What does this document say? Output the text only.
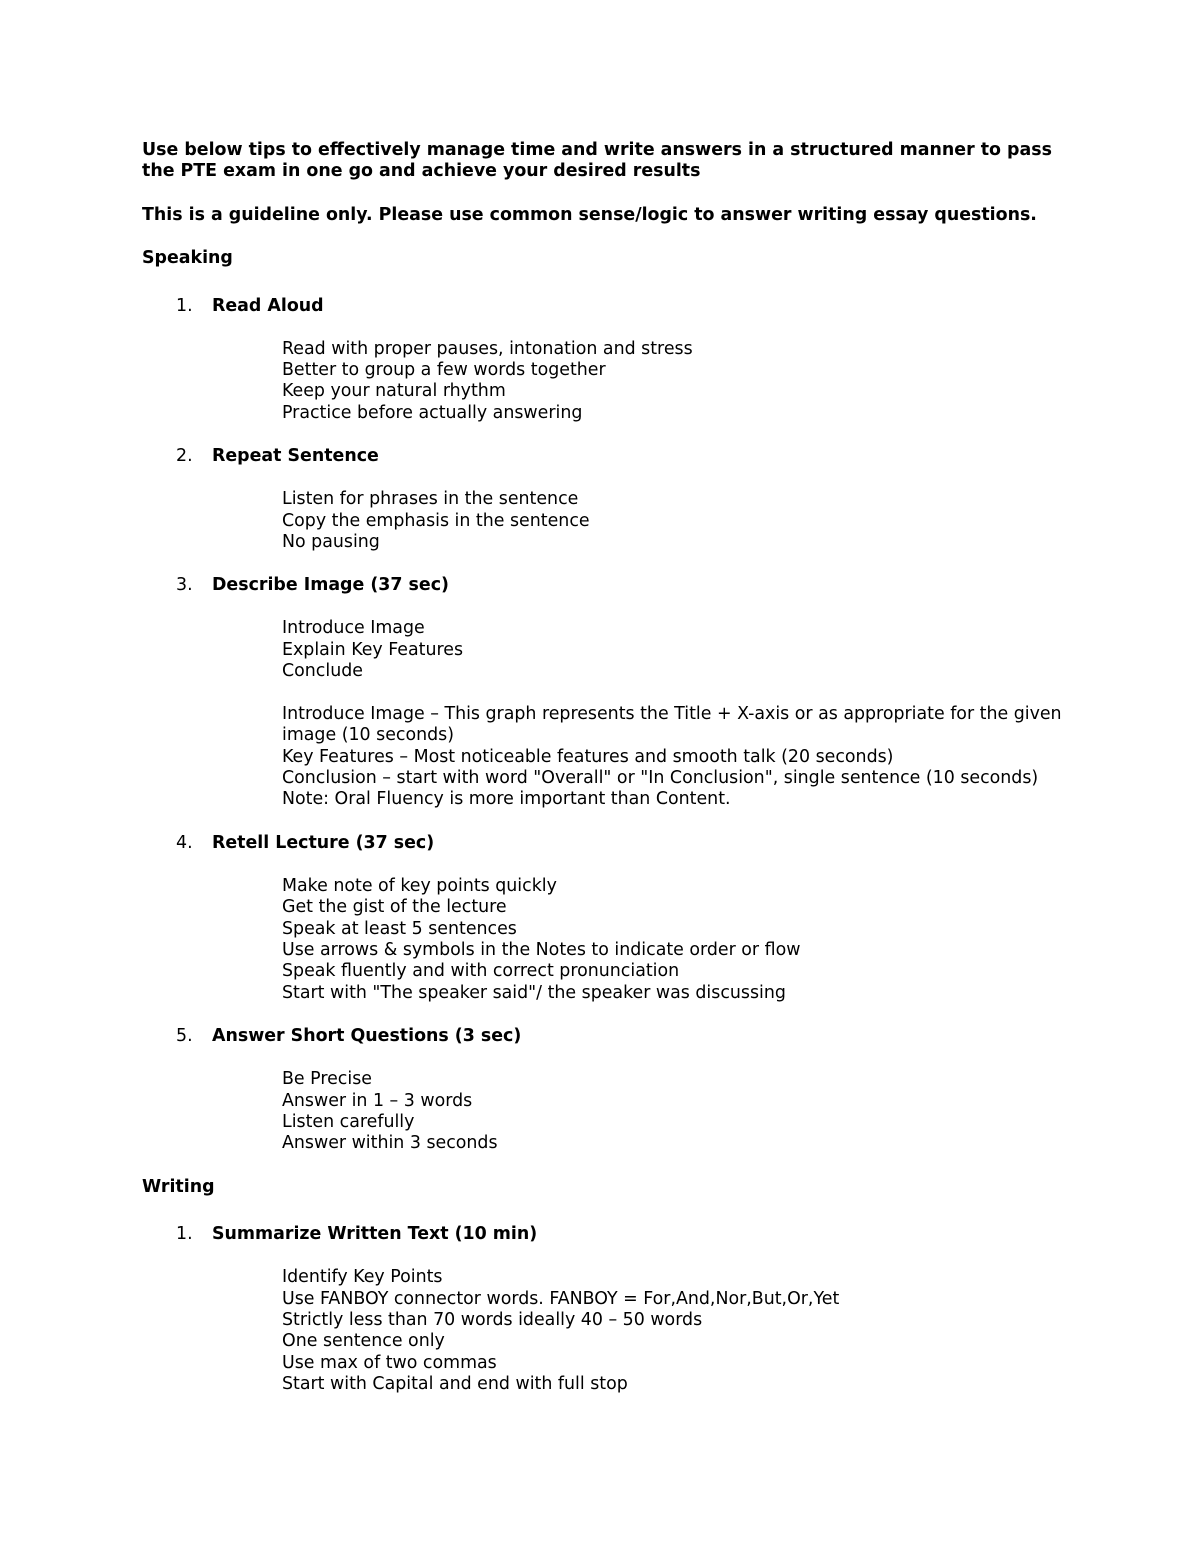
Use below tips to effectively manage time and write answers in a structured manner to pass the PTE exam in one go and achieve your desired results

This is a guideline only. Please use common sense/logic to answer writing essay questions.

Speaking

1. Read Aloud
Read with proper pauses, intonation and stress
Better to group a few words together
Keep your natural rhythm
Practice before actually answering
2. Repeat Sentence
Listen for phrases in the sentence
Copy the emphasis in the sentence
No pausing
3. Describe Image (37 sec)
Introduce Image
Explain Key Features
Conclude
Introduce Image – This graph represents the Title + X-axis or as appropriate for the given image (10 seconds)
Key Features – Most noticeable features and smooth talk (20 seconds)
Conclusion – start with word "Overall" or "In Conclusion", single sentence (10 seconds)
Note: Oral Fluency is more important than Content.
4. Retell Lecture (37 sec)
Make note of key points quickly
Get the gist of the lecture
Speak at least 5 sentences
Use arrows & symbols in the Notes to indicate order or flow
Speak fluently and with correct pronunciation
Start with "The speaker said"/ the speaker was discussing
5. Answer Short Questions (3 sec)
Be Precise
Answer in 1 – 3 words
Listen carefully
Answer within 3 seconds

Writing

1. Summarize Written Text (10 min)
Identify Key Points
Use FANBOY connector words. FANBOY = For,And,Nor,But,Or,Yet
Strictly less than 70 words ideally 40 – 50 words
One sentence only
Use max of two commas
Start with Capital and end with full stop
